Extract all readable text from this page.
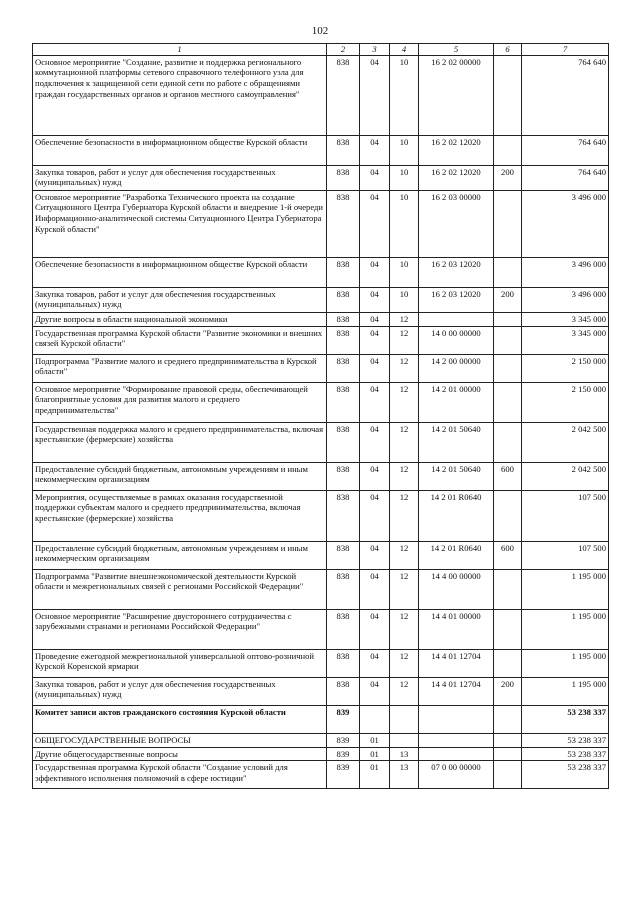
102
1	2	3	4	5	6	7
Основное мероприятие "Создание, развитие и поддержка регионального коммутационной платформы сетевого справочного телефонного узла для подключения к защищенной сети единой сети по работе с обращениями граждан государственных органов и органов местного самоуправления"	838	04	10	16 2 02 00000		764 640
Обеспечение безопасности в информационном обществе Курской области	838	04	10	16 2 02 12020		764 640
Закупка товаров, работ и услуг для обеспечения государственных (муниципальных) нужд	838	04	10	16 2 02 12020	200	764 640
Основное мероприятие "Разработка Технического проекта на создание Ситуационного Центра Губернатора Курской области и внедрение 1-й очереди Информационно-аналитической системы Ситуационного Центра Губернатора Курской области"	838	04	10	16 2 03 00000		3 496 000
Обеспечение безопасности в информационном обществе Курской области	838	04	10	16 2 03 12020		3 496 000
Закупка товаров, работ и услуг для обеспечения государственных (муниципальных) нужд	838	04	10	16 2 03 12020	200	3 496 000
Другие вопросы в области национальной экономики	838	04	12			3 345 000
Государственная программа Курской области "Развитие экономики и внешних связей Курской области"	838	04	12	14 0 00 00000		3 345 000
Подпрограмма "Развитие малого и среднего предпринимательства в Курской области"	838	04	12	14 2 00 00000		2 150 000
Основное мероприятие "Формирование правовой среды, обеспечивающей благоприятные условия для развития малого и среднего предпринимательства"	838	04	12	14 2 01 00000		2 150 000
Государственная поддержка малого и среднего предпринимательства, включая крестьянские (фермерские) хозяйства	838	04	12	14 2 01 50640		2 042 500
Предоставление субсидий бюджетным, автономным учреждениям и иным некоммерческим организациям	838	04	12	14 2 01 50640	600	2 042 500
Мероприятия, осуществляемые в рамках оказания государственной поддержки субъектам малого и среднего предпринимательства, включая крестьянские (фермерские) хозяйства	838	04	12	14 2 01 R0640		107 500
Предоставление субсидий бюджетным, автономным учреждениям и иным некоммерческим организациям	838	04	12	14 2 01 R0640	600	107 500
Подпрограмма "Развитие внешнеэкономической деятельности Курской области и межрегиональных связей с регионами Российской Федерации"	838	04	12	14 4 00 00000		1 195 000
Основное мероприятие "Расширение двустороннего сотрудничества с зарубежными странами и регионами Российской Федерации"	838	04	12	14 4 01 00000		1 195 000
Проведение ежегодной межрегиональной универсальной оптово-розничной Курской Коренской ярмарки	838	04	12	14 4 01 12704		1 195 000
Закупка товаров, работ и услуг для обеспечения государственных (муниципальных) нужд	838	04	12	14 4 01 12704	200	1 195 000
Комитет записи актов гражданского состояния Курской области	839					53 238 337
ОБЩЕГОСУДАРСТВЕННЫЕ ВОПРОСЫ	839	01				53 238 337
Другие общегосударственные вопросы	839	01	13			53 238 337
Государственная программа Курской области "Создание условий для эффективного исполнения полномочий в сфере юстиции"	839	01	13	07 0 00 00000		53 238 337
